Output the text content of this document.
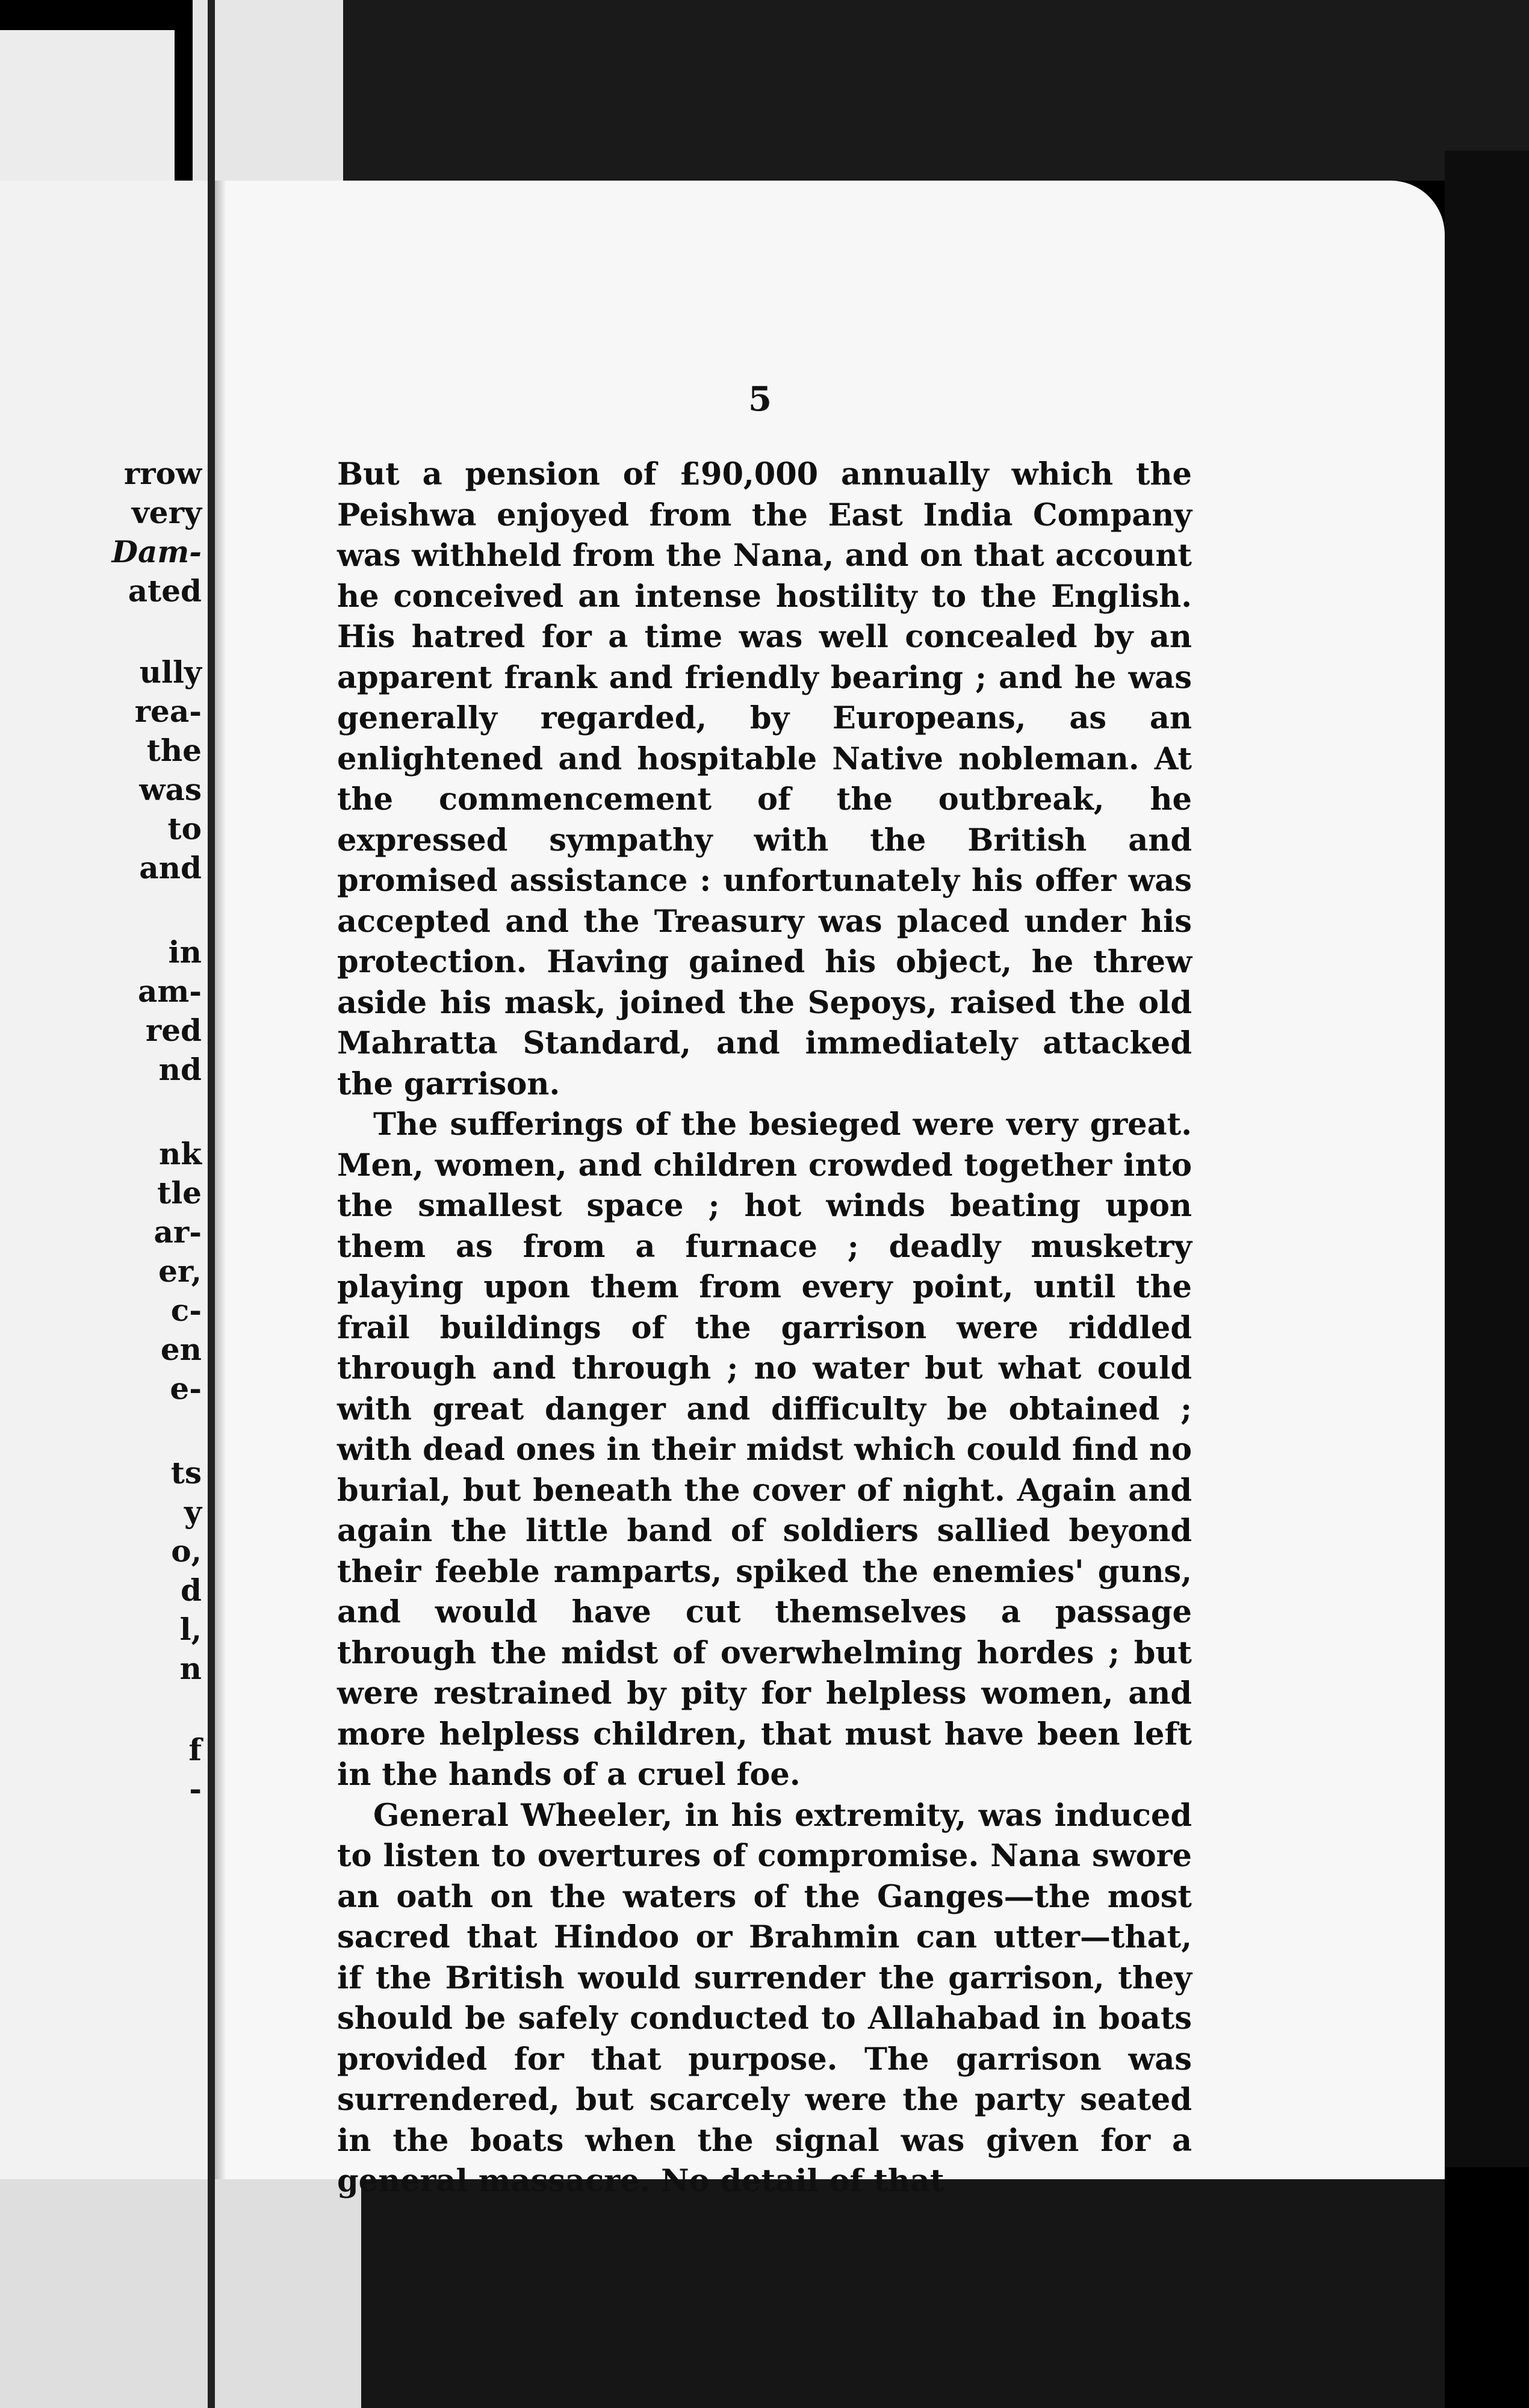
rrow
very
Dam-
ated
ully
rea-
the
was
to
and
in
am-
red
nd
nk
tle
ar-
er,
c-
en
e-
ts
y
o,
d
l,
n
f
-
5

But a pension of £90,000 annually which the Peishwa enjoyed from the East India Company was withheld from the Nana, and on that account he conceived an intense hostility to the English. His hatred for a time was well concealed by an apparent frank and friendly bearing ; and he was generally regarded, by Europeans, as an enlightened and hospitable Native nobleman. At the commencement of the outbreak, he expressed sympathy with the British and promised assistance : unfortunately his offer was accepted and the Treasury was placed under his protection. Having gained his object, he threw aside his mask, joined the Sepoys, raised the old Mahratta Standard, and immediately attacked the garrison.

The sufferings of the besieged were very great. Men, women, and children crowded together into the smallest space ; hot winds beating upon them as from a furnace ; deadly musketry playing upon them from every point, until the frail buildings of the garrison were riddled through and through ; no water but what could with great danger and difficulty be obtained ; with dead ones in their midst which could find no burial, but beneath the cover of night. Again and again the little band of soldiers sallied beyond their feeble ramparts, spiked the enemies' guns, and would have cut themselves a passage through the midst of overwhelming hordes ; but were restrained by pity for helpless women, and more helpless children, that must have been left in the hands of a cruel foe.

General Wheeler, in his extremity, was induced to listen to overtures of compromise. Nana swore an oath on the waters of the Ganges—the most sacred that Hindoo or Brahmin can utter—that, if the British would surrender the garrison, they should be safely conducted to Allahabad in boats provided for that purpose. The garrison was surrendered, but scarcely were the party seated in the boats when the signal was given for a general massacre. No detail of that
